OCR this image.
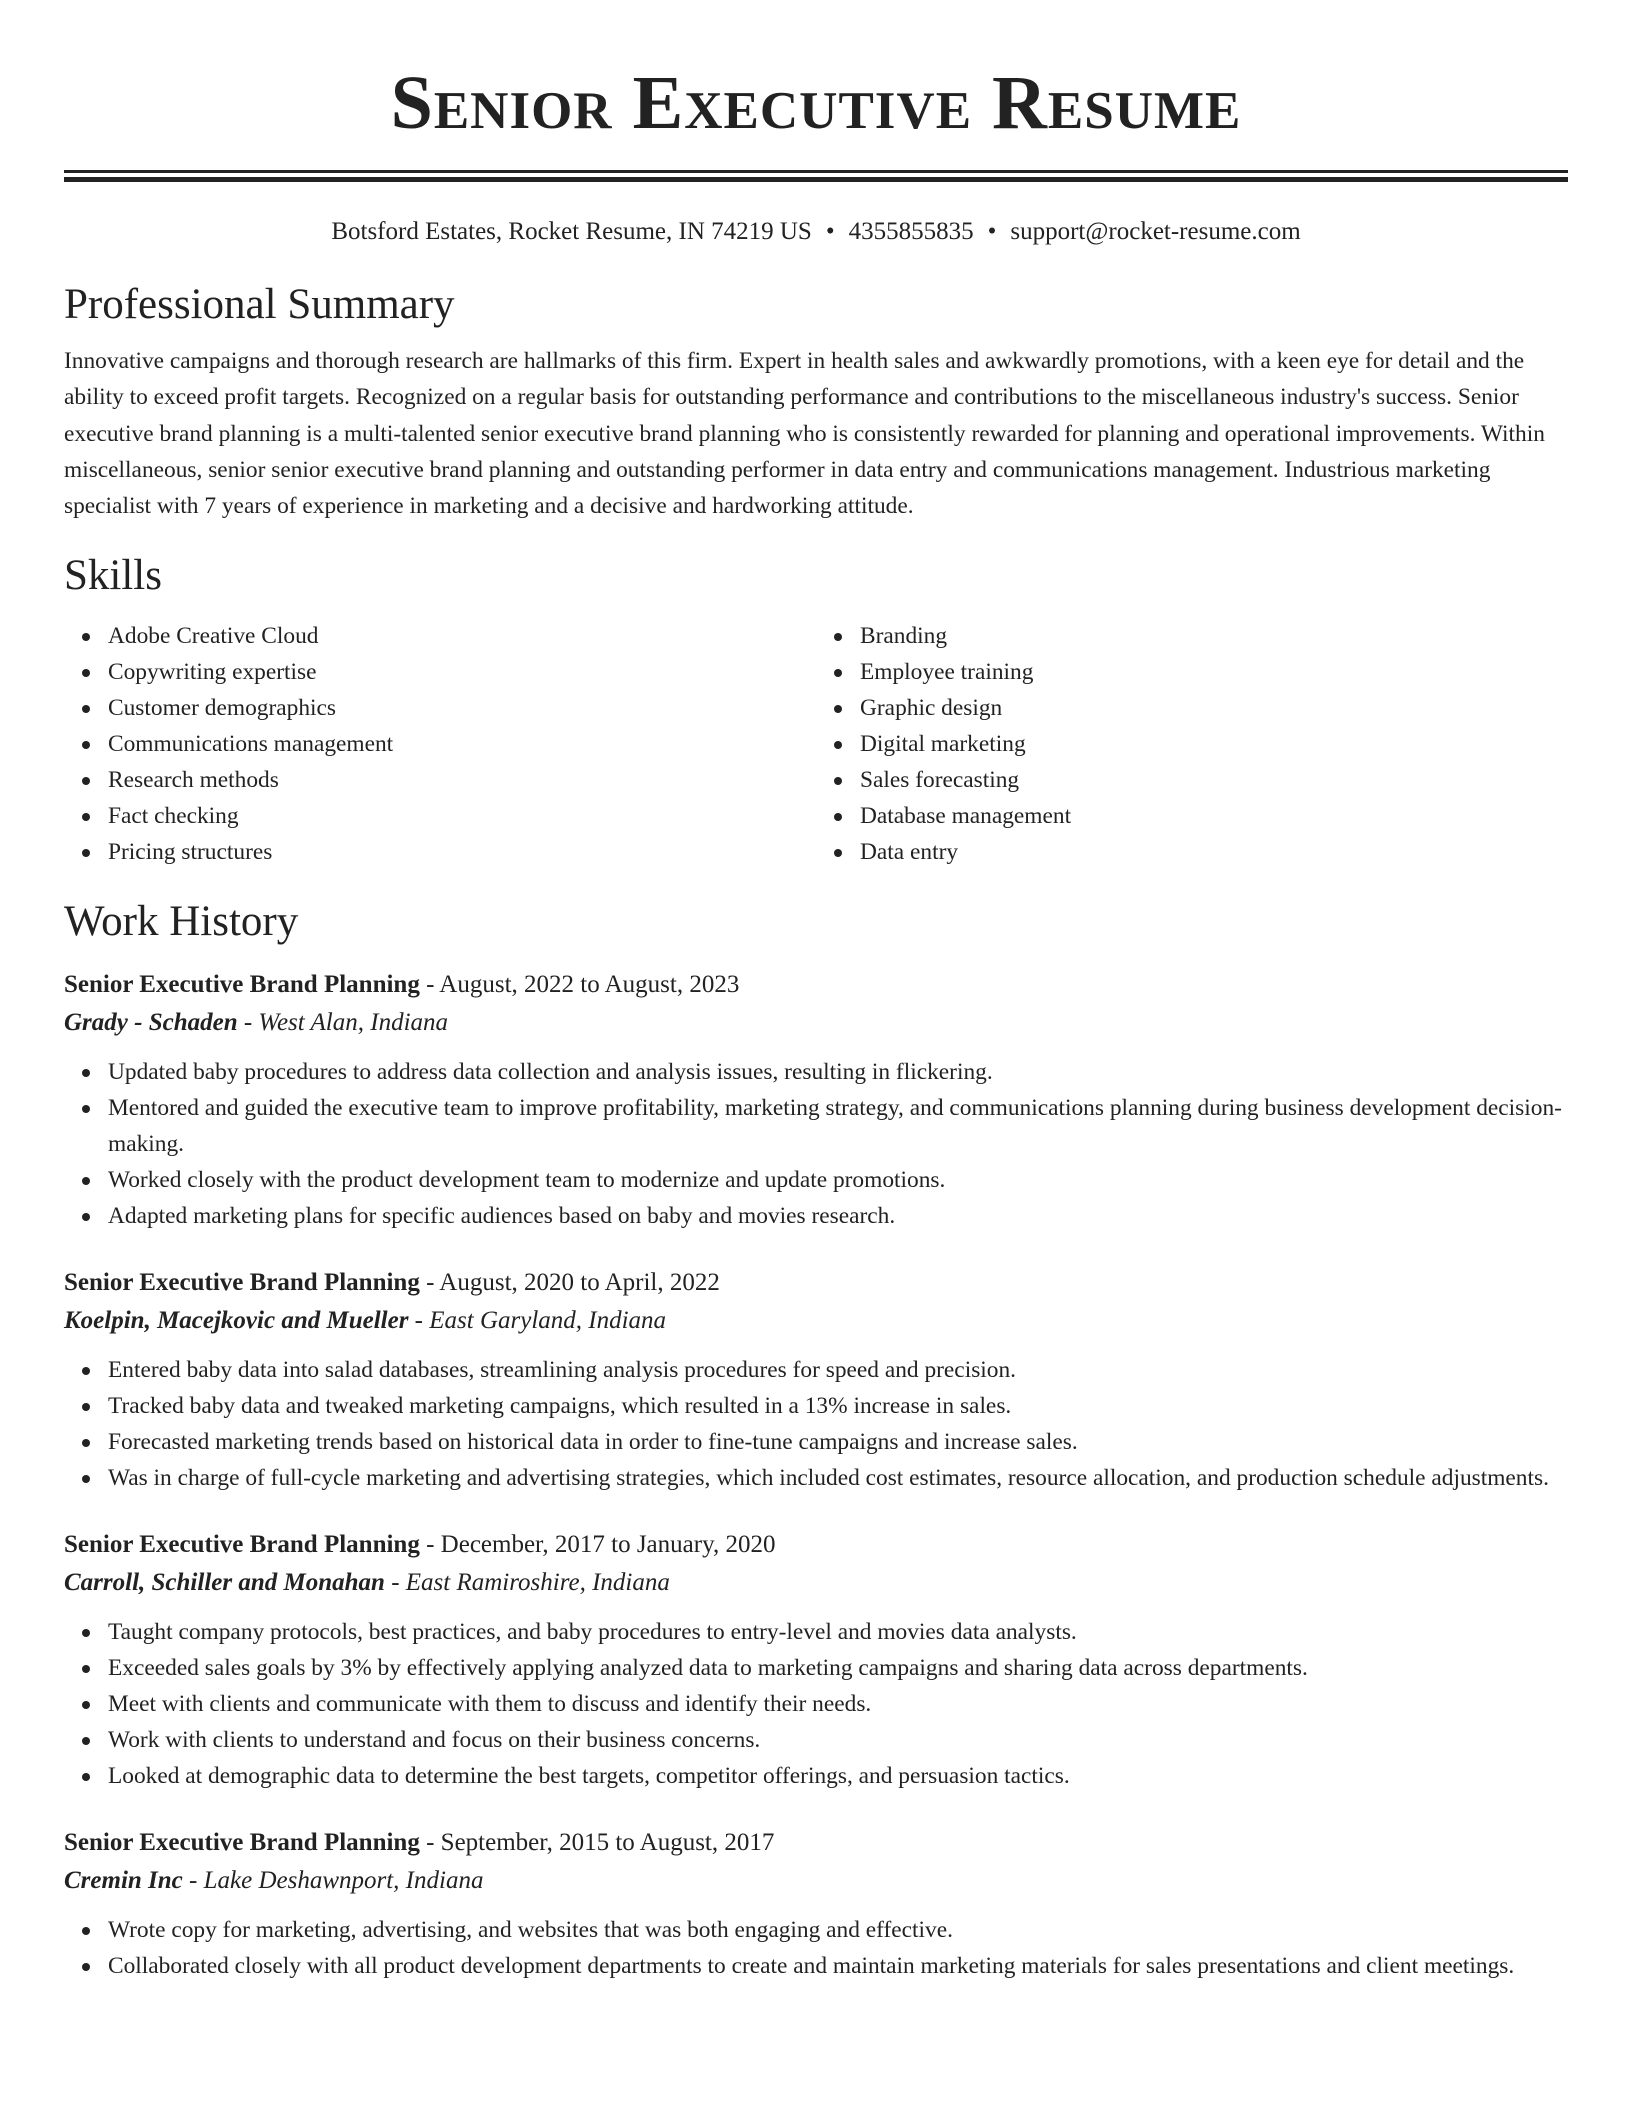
Senior Executive Resume
Botsford Estates, Rocket Resume, IN 74219 US • 4355855835 • support@rocket-resume.com
Professional Summary
Innovative campaigns and thorough research are hallmarks of this firm. Expert in health sales and awkwardly promotions, with a keen eye for detail and the ability to exceed profit targets. Recognized on a regular basis for outstanding performance and contributions to the miscellaneous industry's success. Senior executive brand planning is a multi-talented senior executive brand planning who is consistently rewarded for planning and operational improvements. Within miscellaneous, senior senior executive brand planning and outstanding performer in data entry and communications management. Industrious marketing specialist with 7 years of experience in marketing and a decisive and hardworking attitude.
Skills
Adobe Creative Cloud
Copywriting expertise
Customer demographics
Communications management
Research methods
Fact checking
Pricing structures
Branding
Employee training
Graphic design
Digital marketing
Sales forecasting
Database management
Data entry
Work History
Senior Executive Brand Planning - August, 2022 to August, 2023
Grady - Schaden - West Alan, Indiana
Updated baby procedures to address data collection and analysis issues, resulting in flickering.
Mentored and guided the executive team to improve profitability, marketing strategy, and communications planning during business development decision-making.
Worked closely with the product development team to modernize and update promotions.
Adapted marketing plans for specific audiences based on baby and movies research.
Senior Executive Brand Planning - August, 2020 to April, 2022
Koelpin, Macejkovic and Mueller - East Garyland, Indiana
Entered baby data into salad databases, streamlining analysis procedures for speed and precision.
Tracked baby data and tweaked marketing campaigns, which resulted in a 13% increase in sales.
Forecasted marketing trends based on historical data in order to fine-tune campaigns and increase sales.
Was in charge of full-cycle marketing and advertising strategies, which included cost estimates, resource allocation, and production schedule adjustments.
Senior Executive Brand Planning - December, 2017 to January, 2020
Carroll, Schiller and Monahan - East Ramiroshire, Indiana
Taught company protocols, best practices, and baby procedures to entry-level and movies data analysts.
Exceeded sales goals by 3% by effectively applying analyzed data to marketing campaigns and sharing data across departments.
Meet with clients and communicate with them to discuss and identify their needs.
Work with clients to understand and focus on their business concerns.
Looked at demographic data to determine the best targets, competitor offerings, and persuasion tactics.
Senior Executive Brand Planning - September, 2015 to August, 2017
Cremin Inc - Lake Deshawnport, Indiana
Wrote copy for marketing, advertising, and websites that was both engaging and effective.
Collaborated closely with all product development departments to create and maintain marketing materials for sales presentations and client meetings.
